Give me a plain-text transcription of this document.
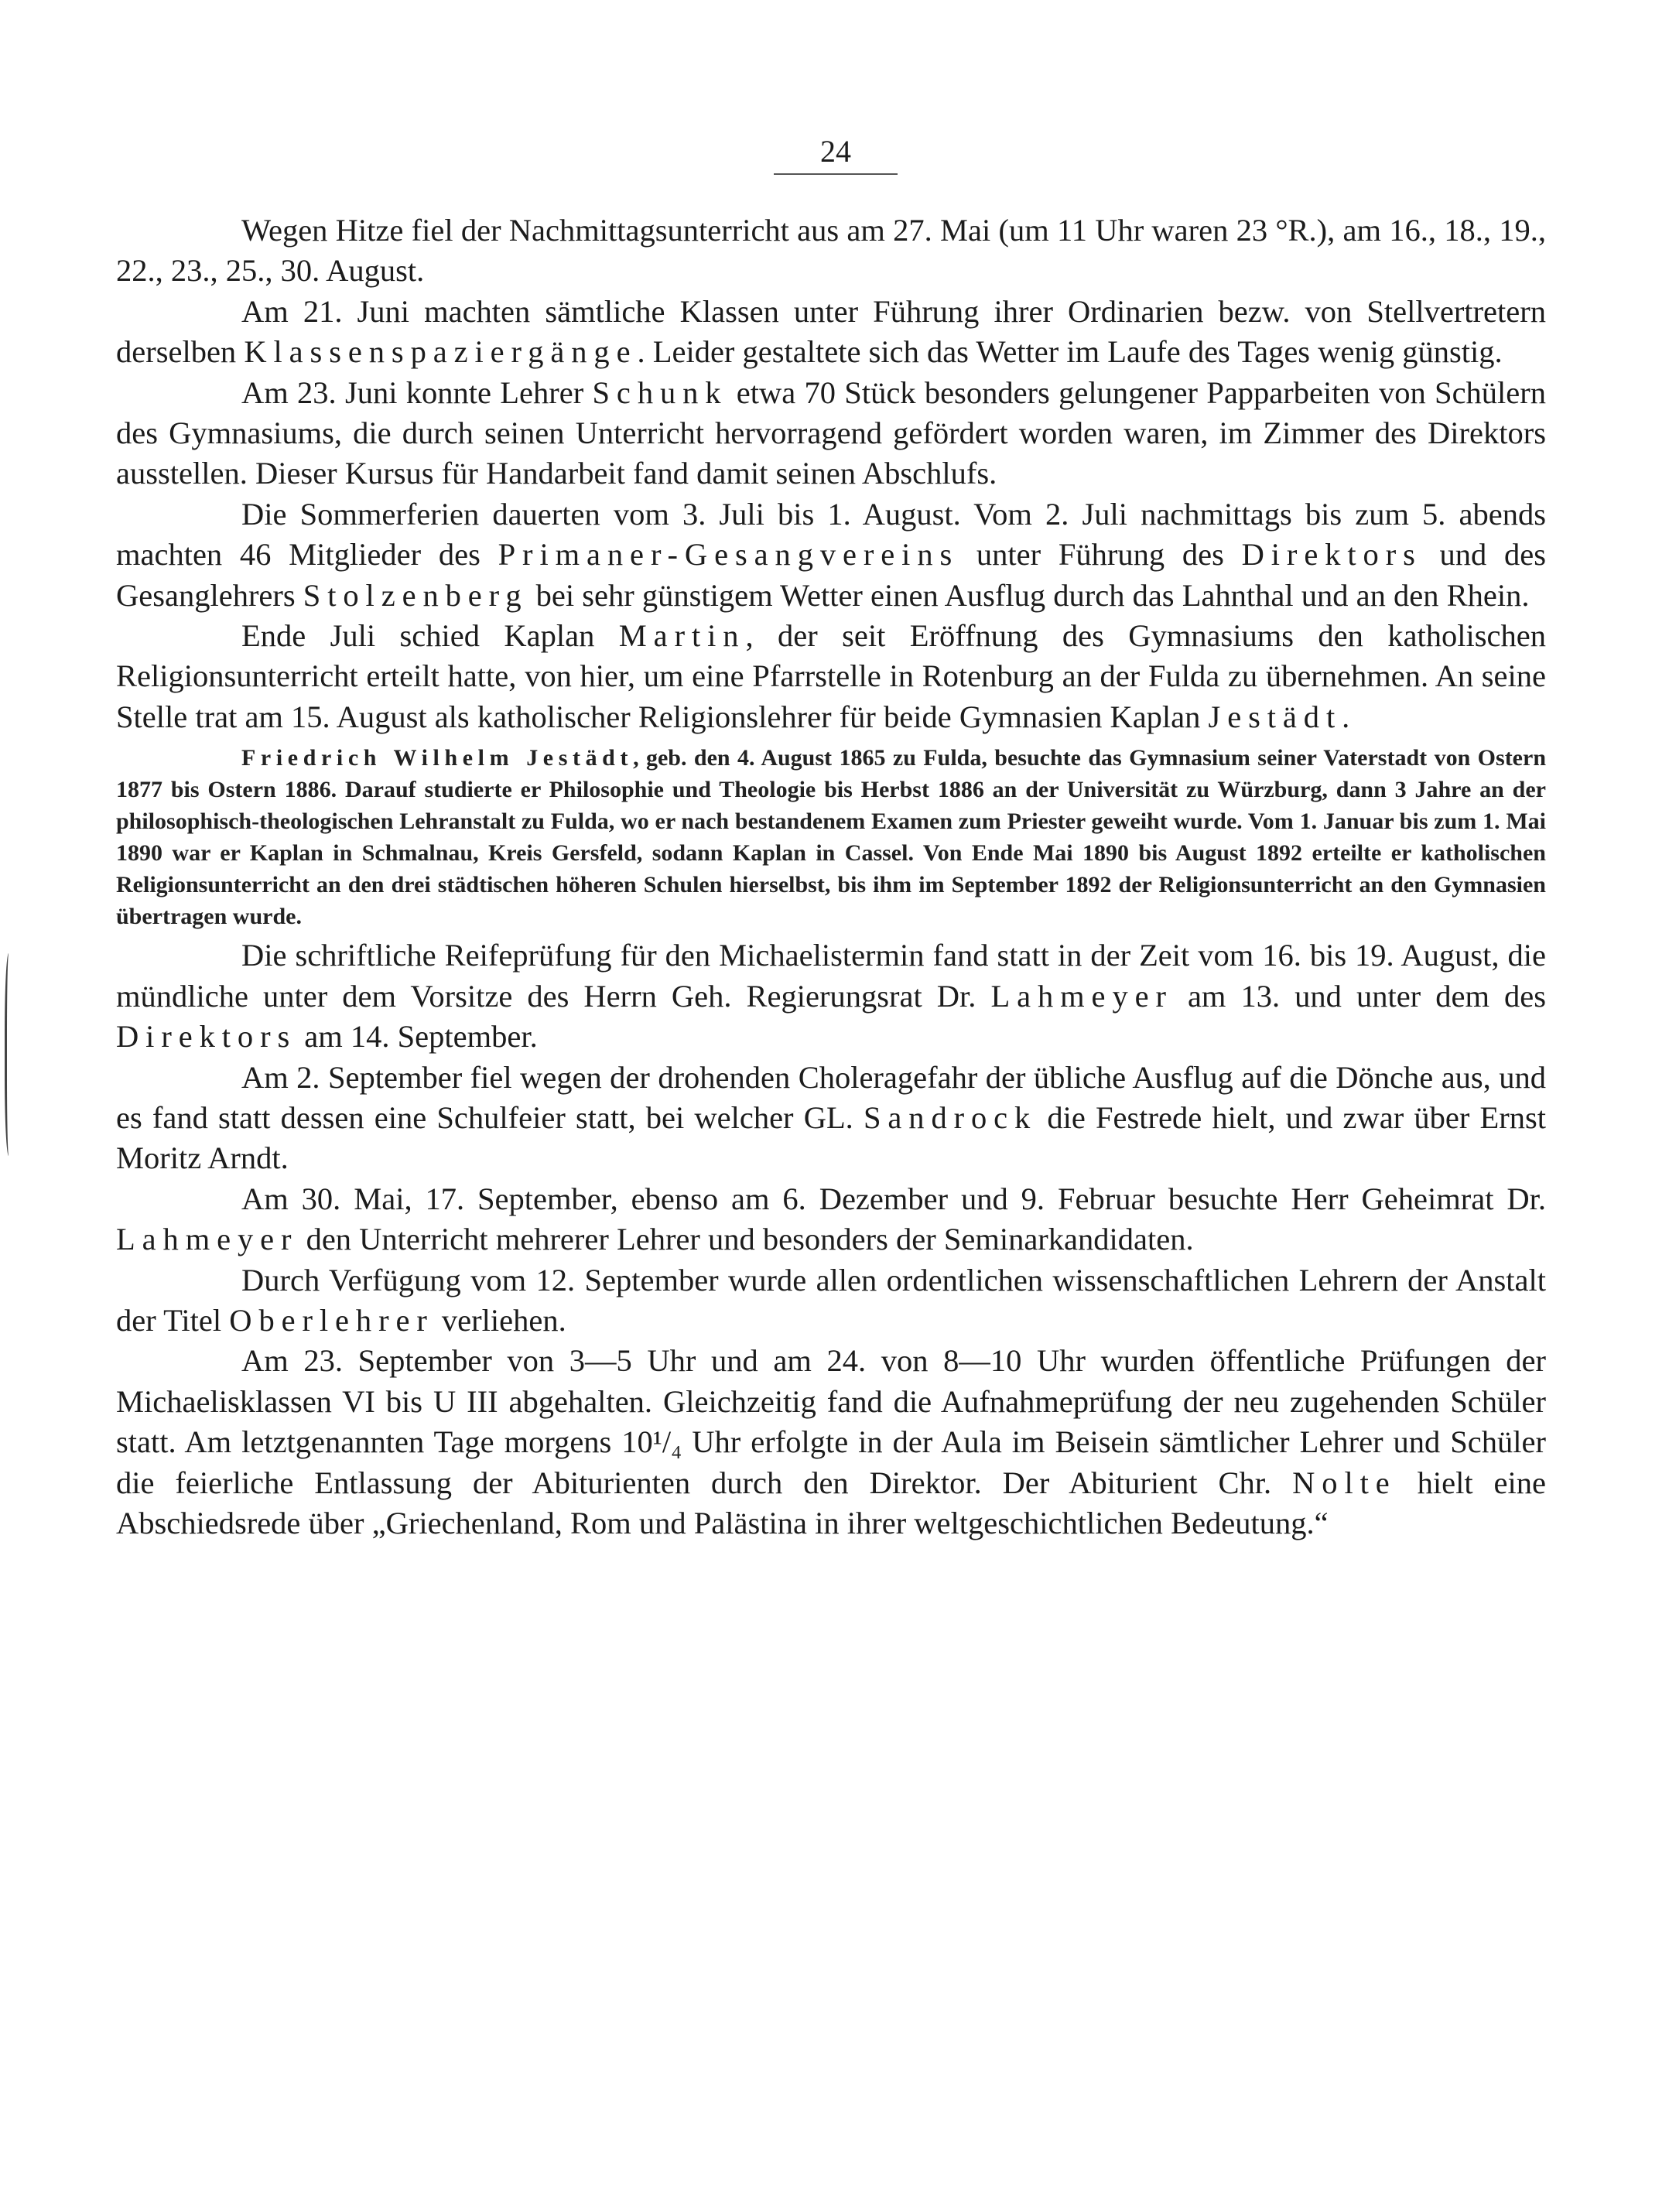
24

Wegen Hitze fiel der Nachmittagsunterricht aus am 27. Mai (um 11 Uhr waren 23 °R.), am 16., 18., 19., 22., 23., 25., 30. August.

Am 21. Juni machten sämtliche Klassen unter Führung ihrer Ordinarien bezw. von Stellvertretern derselben Klassenspaziergänge. Leider gestaltete sich das Wetter im Laufe des Tages wenig günstig.

Am 23. Juni konnte Lehrer Schunk etwa 70 Stück besonders gelungener Papparbeiten von Schülern des Gymnasiums, die durch seinen Unterricht hervorragend gefördert worden waren, im Zimmer des Direktors ausstellen. Dieser Kursus für Handarbeit fand damit seinen Abschlufs.

Die Sommerferien dauerten vom 3. Juli bis 1. August. Vom 2. Juli nachmittags bis zum 5. abends machten 46 Mitglieder des Primaner-Gesangvereins unter Führung des Direktors und des Gesanglehrers Stolzenberg bei sehr günstigem Wetter einen Ausflug durch das Lahnthal und an den Rhein.

Ende Juli schied Kaplan Martin, der seit Eröffnung des Gymnasiums den katholischen Religionsunterricht erteilt hatte, von hier, um eine Pfarrstelle in Rotenburg an der Fulda zu übernehmen. An seine Stelle trat am 15. August als katholischer Religionslehrer für beide Gymnasien Kaplan Jestädt.

Friedrich Wilhelm Jestädt, geb. den 4. August 1865 zu Fulda, besuchte das Gymnasium seiner Vaterstadt von Ostern 1877 bis Ostern 1886. Darauf studierte er Philosophie und Theologie bis Herbst 1886 an der Universität zu Würzburg, dann 3 Jahre an der philosophisch-theologischen Lehranstalt zu Fulda, wo er nach bestandenem Examen zum Priester geweiht wurde. Vom 1. Januar bis zum 1. Mai 1890 war er Kaplan in Schmalnau, Kreis Gersfeld, sodann Kaplan in Cassel. Von Ende Mai 1890 bis August 1892 erteilte er katholischen Religionsunterricht an den drei städtischen höheren Schulen hierselbst, bis ihm im September 1892 der Religionsunterricht an den Gymnasien übertragen wurde.

Die schriftliche Reifeprüfung für den Michaelistermin fand statt in der Zeit vom 16. bis 19. August, die mündliche unter dem Vorsitze des Herrn Geh. Regierungsrat Dr. Lahmeyer am 13. und unter dem des Direktors am 14. September.

Am 2. September fiel wegen der drohenden Choleragefahr der übliche Ausflug auf die Dönche aus, und es fand statt dessen eine Schulfeier statt, bei welcher GL. Sandrock die Festrede hielt, und zwar über Ernst Moritz Arndt.

Am 30. Mai, 17. September, ebenso am 6. Dezember und 9. Februar besuchte Herr Geheimrat Dr. Lahmeyer den Unterricht mehrerer Lehrer und besonders der Seminarkandidaten.

Durch Verfügung vom 12. September wurde allen ordentlichen wissenschaftlichen Lehrern der Anstalt der Titel Oberlehrer verliehen.

Am 23. September von 3—5 Uhr und am 24. von 8—10 Uhr wurden öffentliche Prüfungen der Michaelisklassen VI bis U III abgehalten. Gleichzeitig fand die Aufnahmeprüfung der neu zugehenden Schüler statt. Am letztgenannten Tage morgens 10¹/₄ Uhr erfolgte in der Aula im Beisein sämtlicher Lehrer und Schüler die feierliche Entlassung der Abiturienten durch den Direktor. Der Abiturient Chr. Nolte hielt eine Abschiedsrede über „Griechenland, Rom und Palästina in ihrer weltgeschichtlichen Bedeutung.“
